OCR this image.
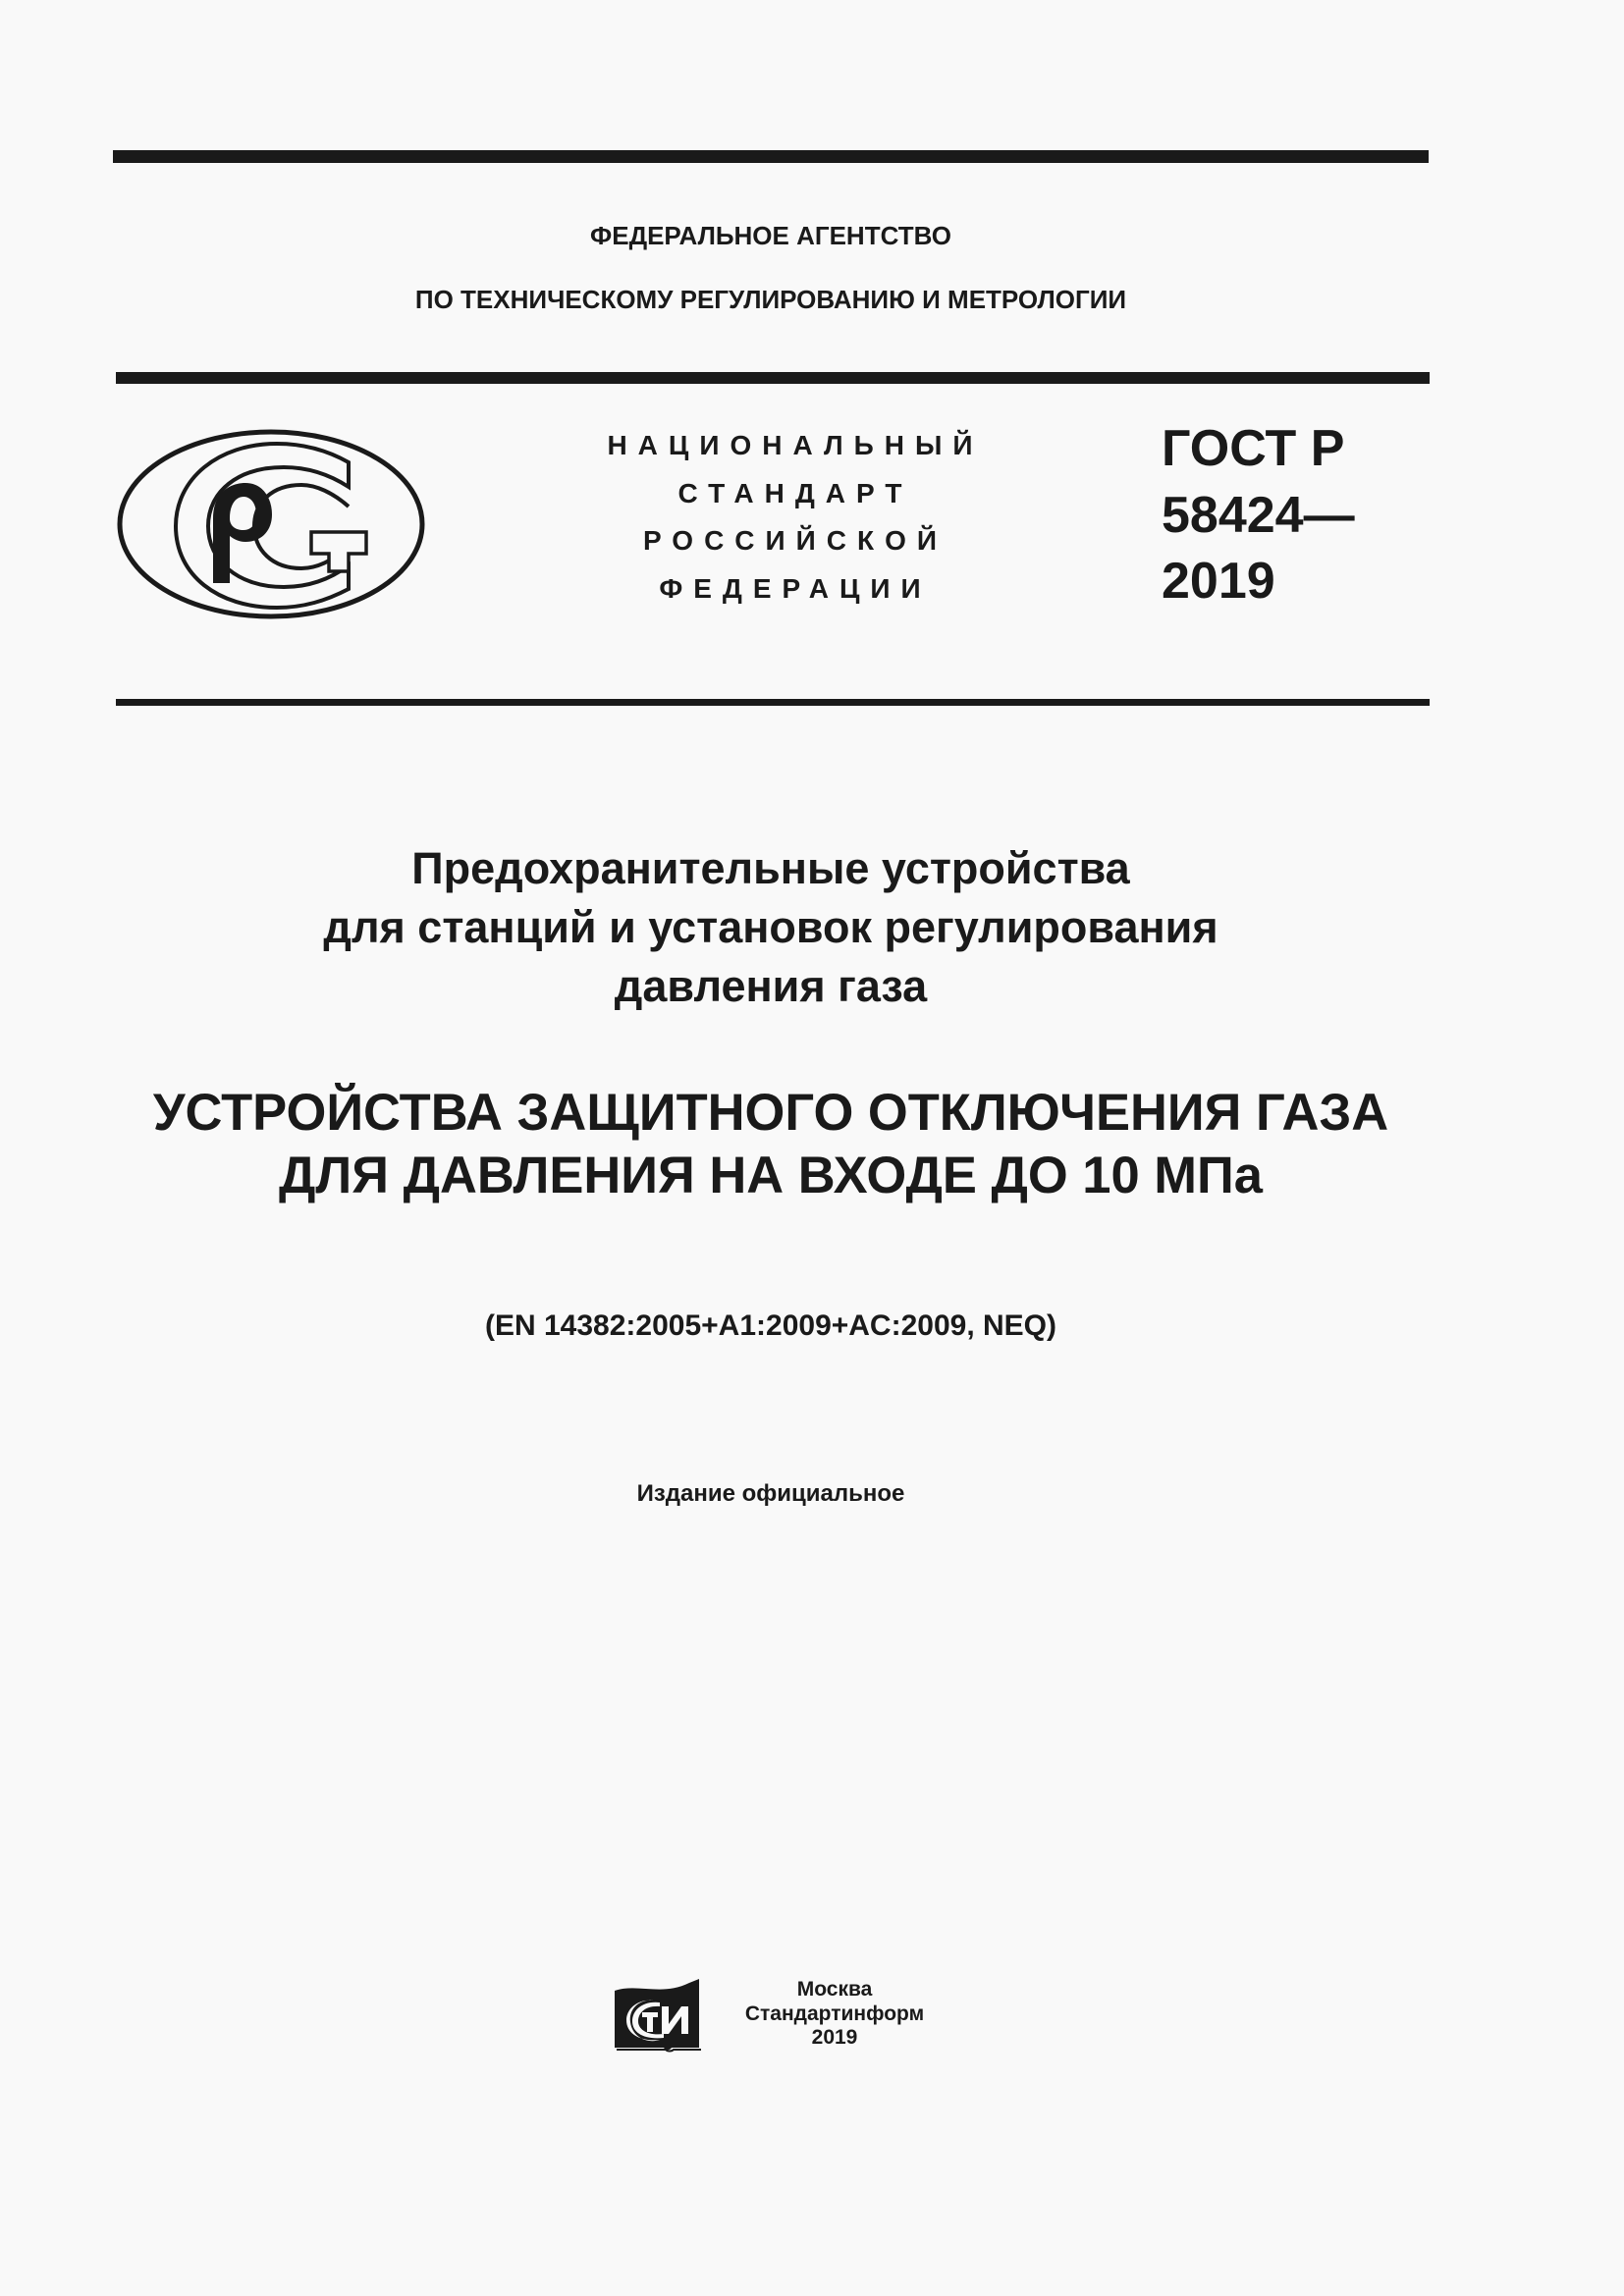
ФЕДЕРАЛЬНОЕ АГЕНТСТВО
ПО ТЕХНИЧЕСКОМУ РЕГУЛИРОВАНИЮ И МЕТРОЛОГИИ
НАЦИОНАЛЬНЫЙ
СТАНДАРТ
РОССИЙСКОЙ
ФЕДЕРАЦИИ
ГОСТ Р
58424—
2019
Предохранительные устройства
для станций и установок регулирования
давления газа
УСТРОЙСТВА ЗАЩИТНОГО ОТКЛЮЧЕНИЯ ГАЗА
ДЛЯ ДАВЛЕНИЯ НА ВХОДЕ ДО 10 МПа
(EN 14382:2005+A1:2009+AC:2009, NEQ)
Издание официальное
Москва
Стандартинформ
2019
